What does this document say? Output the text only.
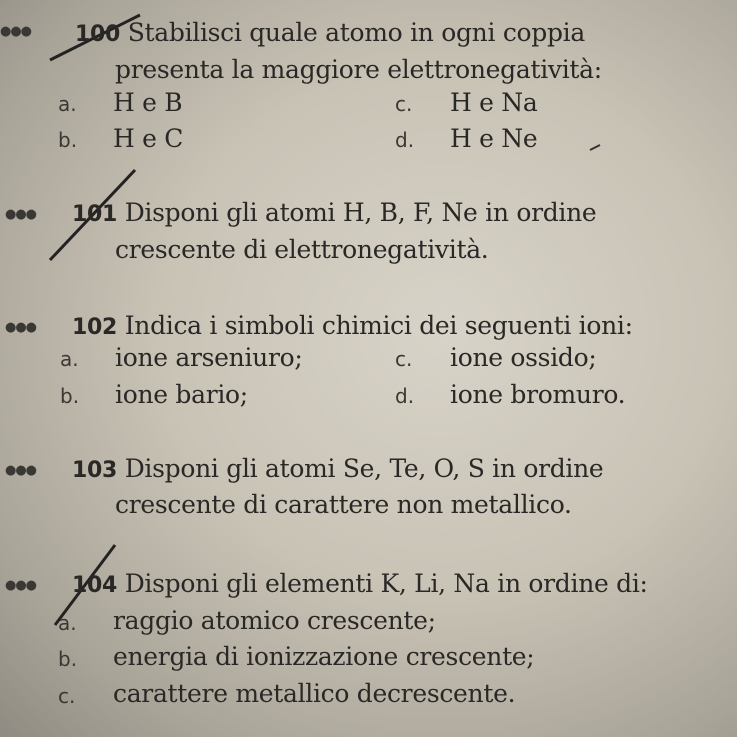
●●● 100 Stabilisci quale atomo in ogni coppia
presenta la maggiore elettronegatività:
a. H e B	c. H e Na
b. H e C	d. H e Ne
●●● 101 Disponi gli atomi H, B, F, Ne in ordine
crescente di elettronegatività.
●●● 102 Indica i simboli chimici dei seguenti ioni:
a. ione arseniuro;	c. ione ossido;
b. ione bario;	d. ione bromuro.
●●● 103 Disponi gli atomi Se, Te, O, S in ordine
crescente di carattere non metallico.
●●● 104 Disponi gli elementi K, Li, Na in ordine di:
a. raggio atomico crescente;
b. energia di ionizzazione crescente;
c. carattere metallico decrescente.
